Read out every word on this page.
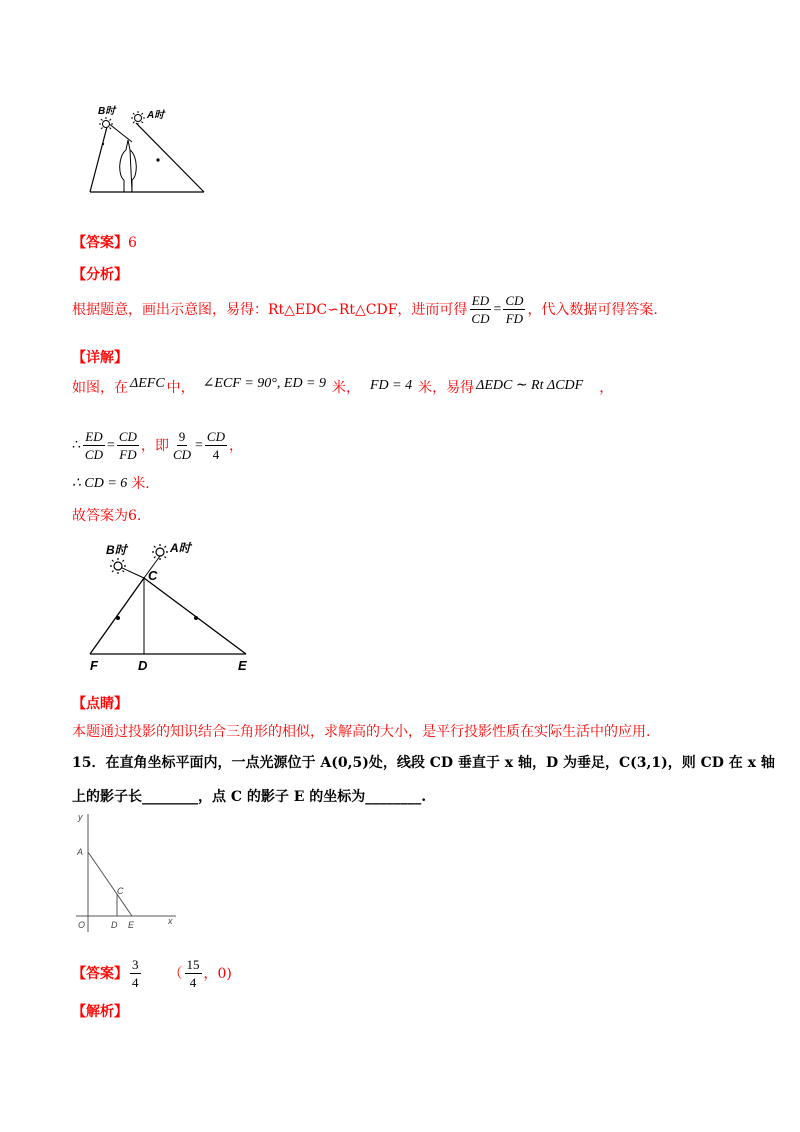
B时	A时
【答案】6
【分析】
根据题意，画出示意图，易得：Rt△EDC∽Rt△CDF，进而可得 $\frac{ED}{CD} = \frac{CD}{FD}$ ，代入数据可得答案.
【详解】
如图，在 ΔEFC 中， ∠ECF = 90°, ED = 9 米， FD = 4 米，易得 ΔEDC ∼ Rt ΔCDF ，
∴ $\frac{ED}{CD} = \frac{CD}{FD}$ ，即 $\frac{9}{CD} = \frac{CD}{4}$ ，
∴ CD = 6 米.
故答案为6.
B时	A时
C
F	D	E
【点睛】
本题通过投影的知识结合三角形的相似，求解高的大小，是平行投影性质在实际生活中的应用.
15．在直角坐标平面内，一点光源位于 A(0,5)处，线段 CD 垂直于 x 轴，D 为垂足，C(3,1)，则 CD 在 x 轴
上的影子长________，点 C 的影子 E 的坐标为________.
y
x
A
C
O	D E
【答案】 $\frac{3}{4}$ （ $\frac{15}{4}$ ，0)
【解析】
